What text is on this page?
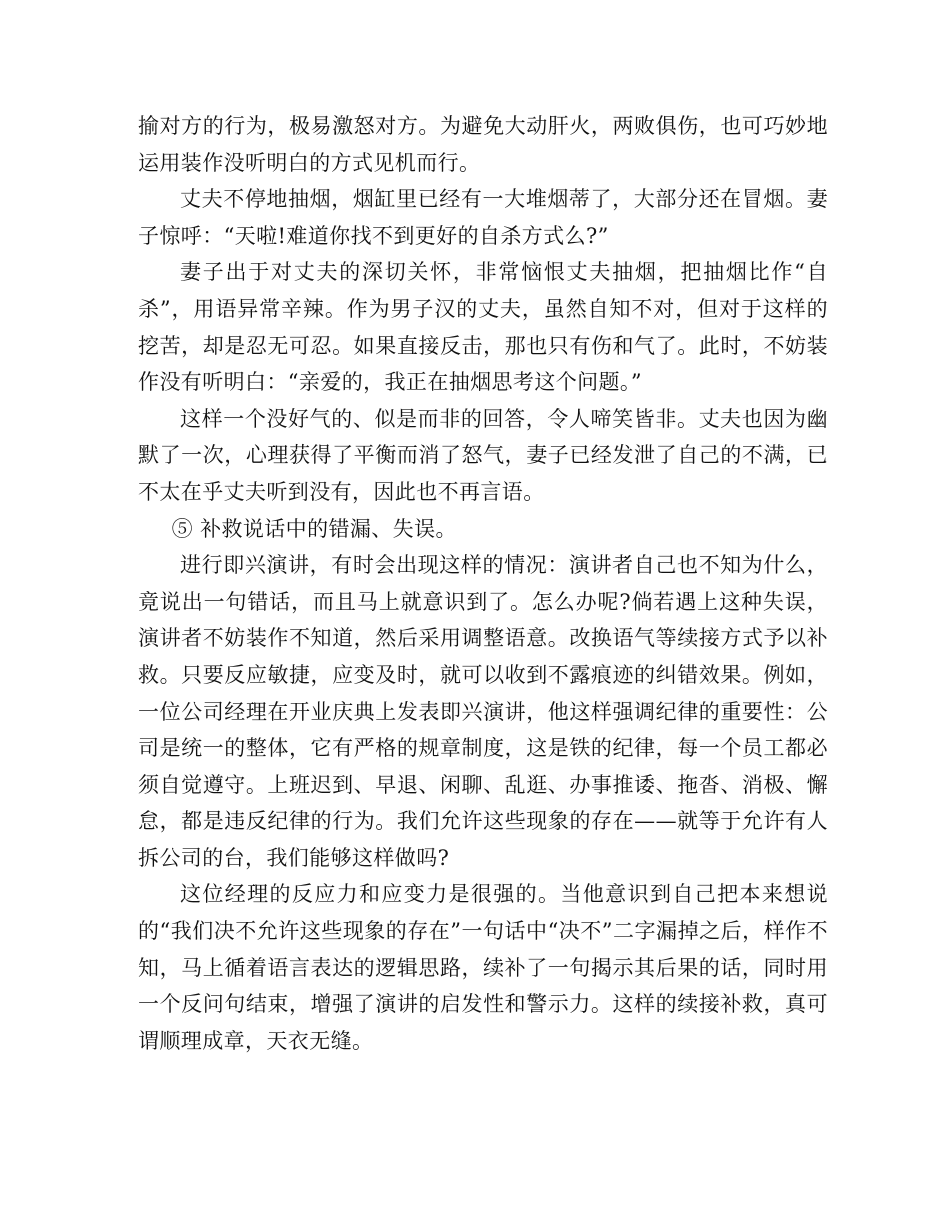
揄对方的行为，极易激怒对方。为避免大动肝火，两败俱伤，也可巧妙地运用装作没听明白的方式见机而行。

丈夫不停地抽烟，烟缸里已经有一大堆烟蒂了，大部分还在冒烟。妻子惊呼：“天啦!难道你找不到更好的自杀方式么?”

妻子出于对丈夫的深切关怀，非常恼恨丈夫抽烟，把抽烟比作“自杀”，用语异常辛辣。作为男子汉的丈夫，虽然自知不对，但对于这样的挖苦，却是忍无可忍。如果直接反击，那也只有伤和气了。此时，不妨装作没有听明白：“亲爱的，我正在抽烟思考这个问题。”

这样一个没好气的、似是而非的回答，令人啼笑皆非。丈夫也因为幽默了一次，心理获得了平衡而消了怒气，妻子已经发泄了自己的不满，已不太在乎丈夫听到没有，因此也不再言语。

⑤ 补救说话中的错漏、失误。

进行即兴演讲，有时会出现这样的情况：演讲者自己也不知为什么，竟说出一句错话，而且马上就意识到了。怎么办呢?倘若遇上这种失误，演讲者不妨装作不知道，然后采用调整语意。改换语气等续接方式予以补救。只要反应敏捷，应变及时，就可以收到不露痕迹的纠错效果。例如，一位公司经理在开业庆典上发表即兴演讲，他这样强调纪律的重要性：公司是统一的整体，它有严格的规章制度，这是铁的纪律，每一个员工都必须自觉遵守。上班迟到、早退、闲聊、乱逛、办事推诿、拖沓、消极、懈怠，都是违反纪律的行为。我们允许这些现象的存在——就等于允许有人拆公司的台，我们能够这样做吗?

这位经理的反应力和应变力是很强的。当他意识到自己把本来想说的“我们决不允许这些现象的存在”一句话中“决不”二字漏掉之后，样作不知，马上循着语言表达的逻辑思路，续补了一句揭示其后果的话，同时用一个反问句结束，增强了演讲的启发性和警示力。这样的续接补救，真可谓顺理成章，天衣无缝。
